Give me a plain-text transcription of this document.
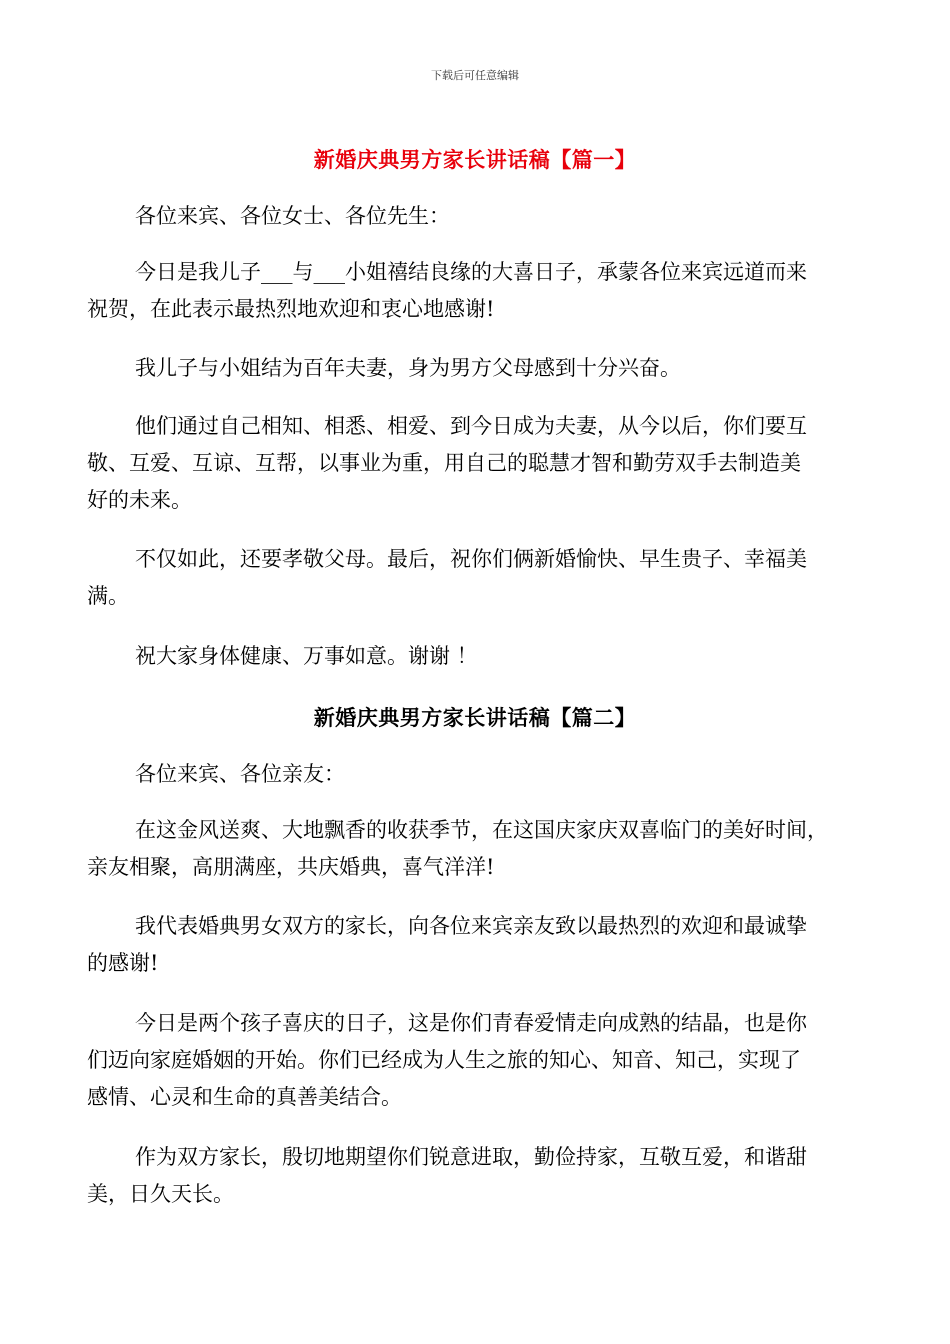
下载后可任意编辑
新婚庆典男方家长讲话稿【篇一】

各位来宾、各位女士、各位先生：

今日是我儿子___与___小姐禧结良缘的大喜日子，承蒙各位来宾远道而来
祝贺，在此表示最热烈地欢迎和衷心地感谢!

我儿子与小姐结为百年夫妻，身为男方父母感到十分兴奋。

他们通过自己相知、相悉、相爱、到今日成为夫妻，从今以后，你们要互
敬、互爱、互谅、互帮，以事业为重，用自己的聪慧才智和勤劳双手去制造美
好的未来。

不仅如此，还要孝敬父母。最后，祝你们俩新婚愉快、早生贵子、幸福美
满。

祝大家身体健康、万事如意。谢谢 ！

新婚庆典男方家长讲话稿【篇二】

各位来宾、各位亲友：

在这金风送爽、大地飘香的收获季节，在这国庆家庆双喜临门的美好时间，
亲友相聚，高朋满座，共庆婚典，喜气洋洋!

我代表婚典男女双方的家长，向各位来宾亲友致以最热烈的欢迎和最诚挚
的感谢!

今日是两个孩子喜庆的日子，这是你们青春爱情走向成熟的结晶，也是你
们迈向家庭婚姻的开始。你们已经成为人生之旅的知心、知音、知己，实现了
感情、心灵和生命的真善美结合。

作为双方家长，殷切地期望你们锐意进取，勤俭持家，互敬互爱，和谐甜
美，日久天长。
